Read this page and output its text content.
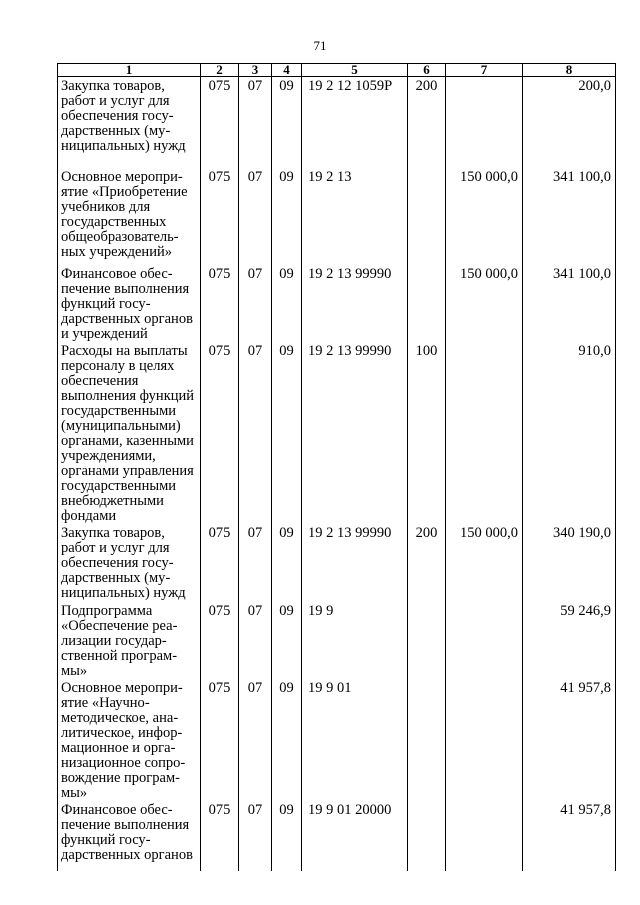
71
1	2	3	4	5	6	7	8
Закупка товаров, работ и услуг для обеспечения государственных (муниципальных) нужд	075	07	09	19 2 12 1059Р	200		200,0
Основное мероприятие «Приобретение учебников для государственных общеобразовательных учреждений»	075	07	09	19 2 13		150 000,0	341 100,0
Финансовое обеспечение выполнения функций государственных органов и учреждений	075	07	09	19 2 13 99990		150 000,0	341 100,0
Расходы на выплаты персоналу в целях обеспечения выполнения функций государственными (муниципальными) органами, казенными учреждениями, органами управления государственными внебюджетными фондами	075	07	09	19 2 13 99990	100		910,0
Закупка товаров, работ и услуг для обеспечения государственных (муниципальных) нужд	075	07	09	19 2 13 99990	200	150 000,0	340 190,0
Подпрограмма «Обеспечение реализации государственной программы»	075	07	09	19 9			59 246,9
Основное мероприятие «Научнометодическое, аналитическое, информационное и организационное сопровождение программы»	075	07	09	19 9 01			41 957,8
Финансовое обеспечение выполнения функций государственных органов	075	07	09	19 9 01 20000			41 957,8
